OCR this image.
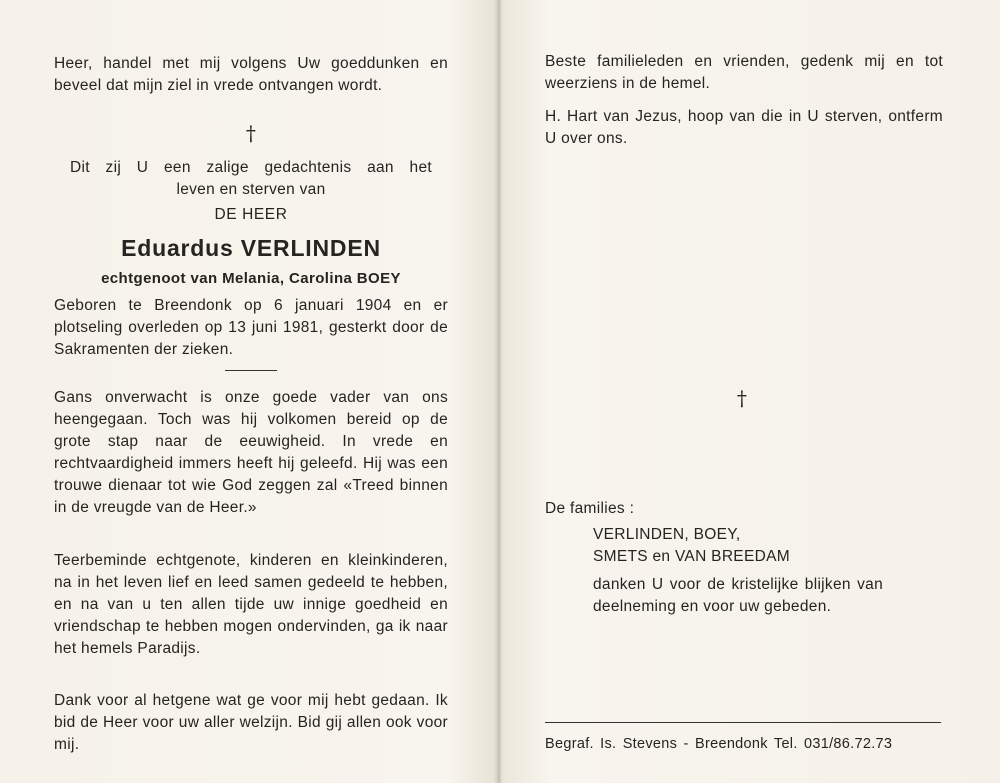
Heer, handel met mij volgens Uw goeddunken en beveel dat mijn ziel in vrede ontvangen wordt.

†

Dit zij U een zalige gedachtenis aan het

leven en sterven van

DE HEER

Eduardus VERLINDEN

echtgenoot van Melania, Carolina BOEY

Geboren te Breendonk op 6 januari 1904 en er plotseling overleden op 13 juni 1981, gesterkt door de Sakramenten der zieken.

Gans onverwacht is onze goede vader van ons heengegaan. Toch was hij volkomen bereid op de grote stap naar de eeuwigheid. In vrede en rechtvaardigheid immers heeft hij geleefd. Hij was een trouwe dienaar tot wie God zeggen zal «Treed binnen in de vreugde van de Heer.»

Teerbeminde echtgenote, kinderen en kleinkinderen, na in het leven lief en leed samen gedeeld te hebben, en na van u ten allen tijde uw innige goedheid en vriendschap te hebben mogen ondervinden, ga ik naar het hemels Paradijs.

Dank voor al hetgene wat ge voor mij hebt gedaan. Ik bid de Heer voor uw aller welzijn. Bid gij allen ook voor mij.

Beste familieleden en vrienden, gedenk mij en tot weerziens in de hemel.

H. Hart van Jezus, hoop van die in U sterven, ontferm U over ons.

†

De families :

VERLINDEN, BOEY,

SMETS en VAN BREEDAM

danken U voor de kristelijke blijken van deelneming en voor uw gebeden.

Begraf. Is. Stevens - Breendonk Tel. 031/86.72.73
